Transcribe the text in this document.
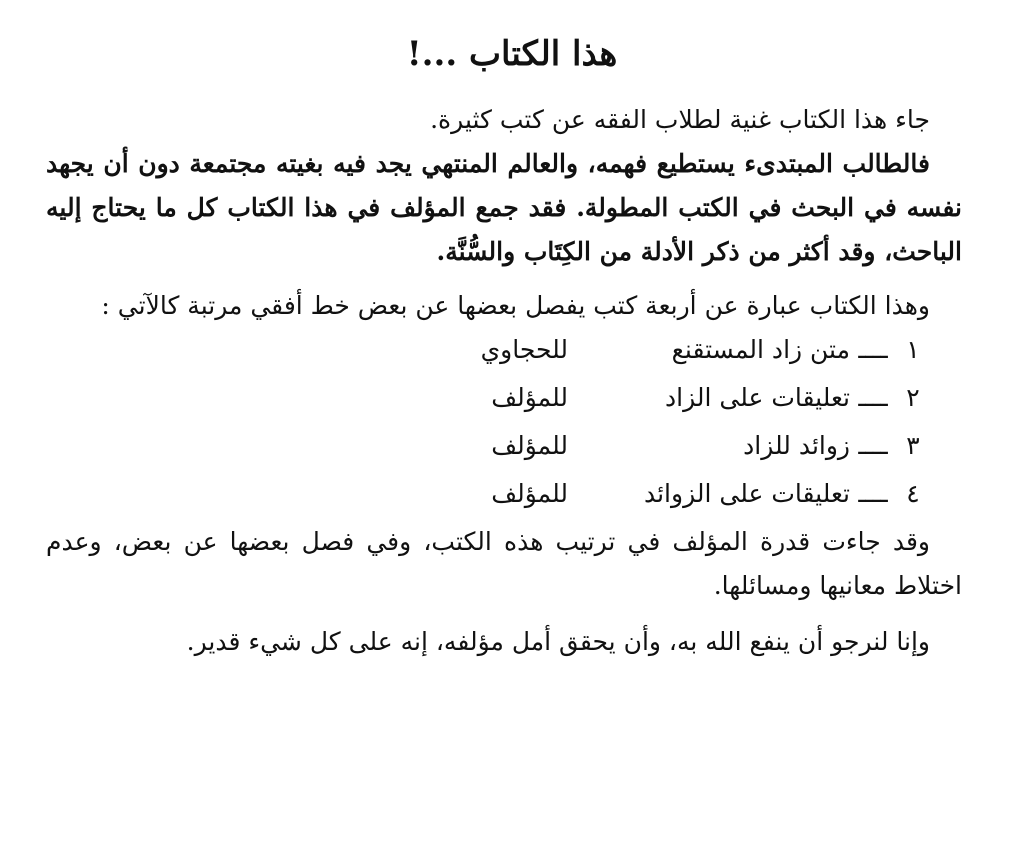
هذا الكتاب ...!

جاء هذا الكتاب غنية لطلاب الفقه عن كتب كثيرة.

فالطالب المبتدىء يستطيع فهمه، والعالم المنتهي يجد فيه بغيته مجتمعة دون أن يجهد نفسه في البحث في الكتب المطولة. فقد جمع المؤلف في هذا الكتاب كل ما يحتاج إليه الباحث، وقد أكثر من ذكر الأدلة من الكِتَاب والسُّنَّة.

وهذا الكتاب عبارة عن أربعة كتب يفصل بعضها عن بعض خط أفقي مرتبة كالآتي :

١
ــــ
متن زاد المستقنع
للحجاوي
٢
ــــ
تعليقات على الزاد
للمؤلف
٣
ــــ
زوائد للزاد
للمؤلف
٤
ــــ
تعليقات على الزوائد
للمؤلف

وقد جاءت قدرة المؤلف في ترتيب هذه الكتب، وفي فصل بعضها عن بعض، وعدم اختلاط معانيها ومسائلها.

وإنا لنرجو أن ينفع الله به، وأن يحقق أمل مؤلفه، إنه على كل شيء قدير.
